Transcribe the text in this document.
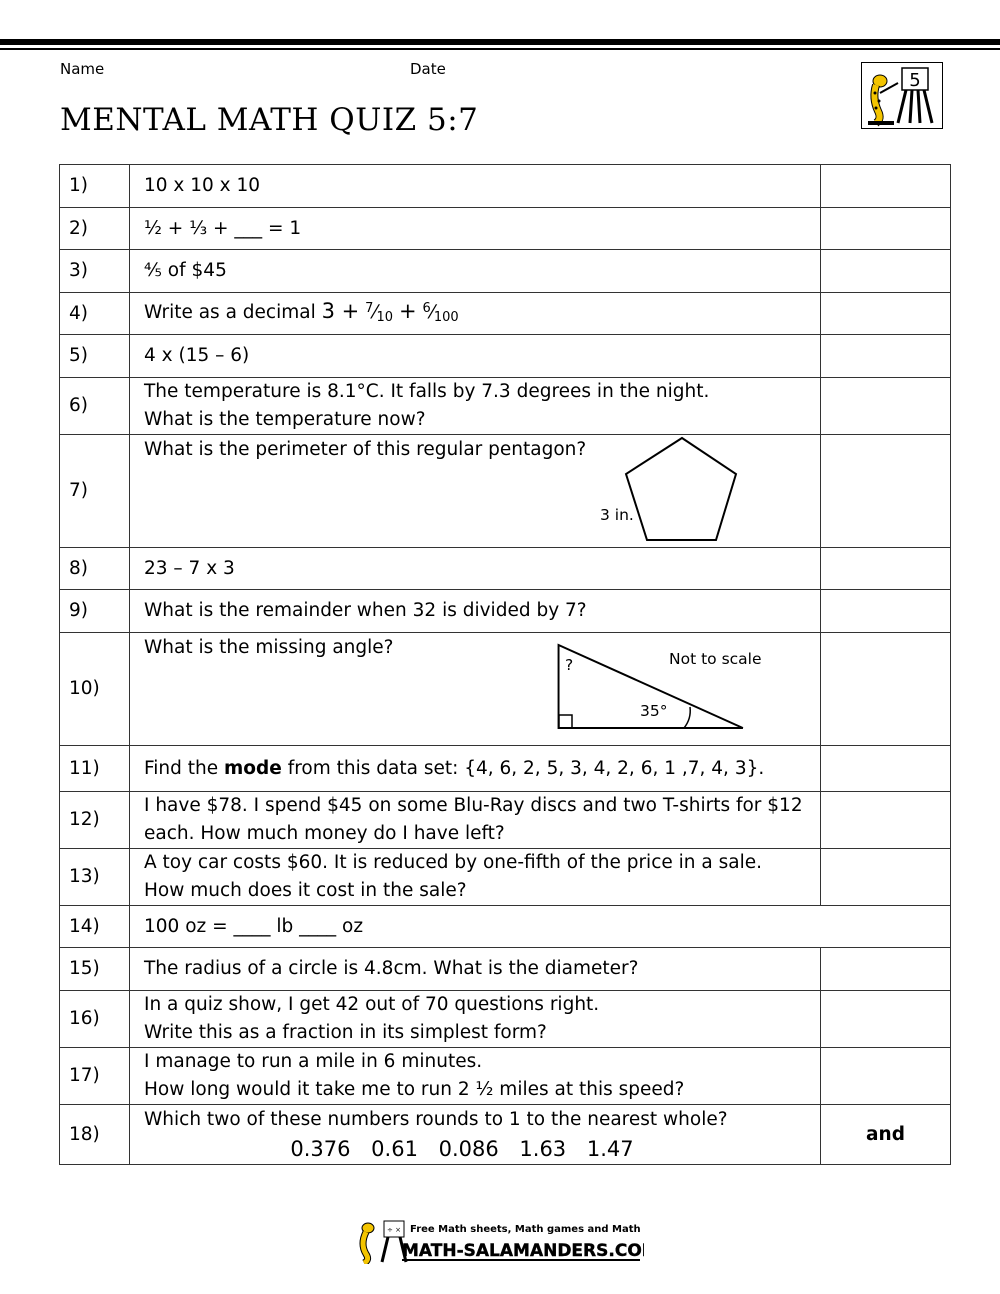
Name	Date
MENTAL MATH QUIZ 5:7
5
1)	10 x 10 x 10	
2)	½ + ⅓ + ___ = 1	
3)	⅘ of $45	
4)	Write as a decimal $3 + ^7⁄_{10}$ + $^6⁄_{100}$	
5)	4 x (15 – 6)	
6)	The temperature is 8.1°C. It falls by 7.3 degrees in the night.
What is the temperature now?	

7)	What is the perimeter of this regular pentagon?
3 in.	

8)	23 – 7 x 3	
9)	What is the remainder when 32 is divided by 7?	
10)	What is the missing angle?
?
35°
Not to scale	

11)	Find the mode from this data set: {4, 6, 2, 5, 3, 4, 2, 6, 1 ,7, 4, 3}.	
12)	I have $78. I spend $45 on some Blu-Ray discs and two T-shirts for $12
each. How much money do I have left?	

13)	A toy car costs $60. It is reduced by one-fifth of the price in a sale.
How much does it cost in the sale?	

14)	100 oz = ____ lb ____ oz	
15)	The radius of a circle is 4.8cm. What is the diameter?	
16)	In a quiz show, I get 42 out of 70 questions right.
Write this as a fraction in its simplest form?	

17)	I manage to run a mile in 6 minutes.
How long would it take me to run 2 ½ miles at this speed?	

18)	Which two of these numbers rounds to 1 to the nearest whole?
0.376 0.61 0.086 1.63 1.47	and
÷ × Free Math sheets, Math games and Math help
MATH-SALAMANDERS.COM
